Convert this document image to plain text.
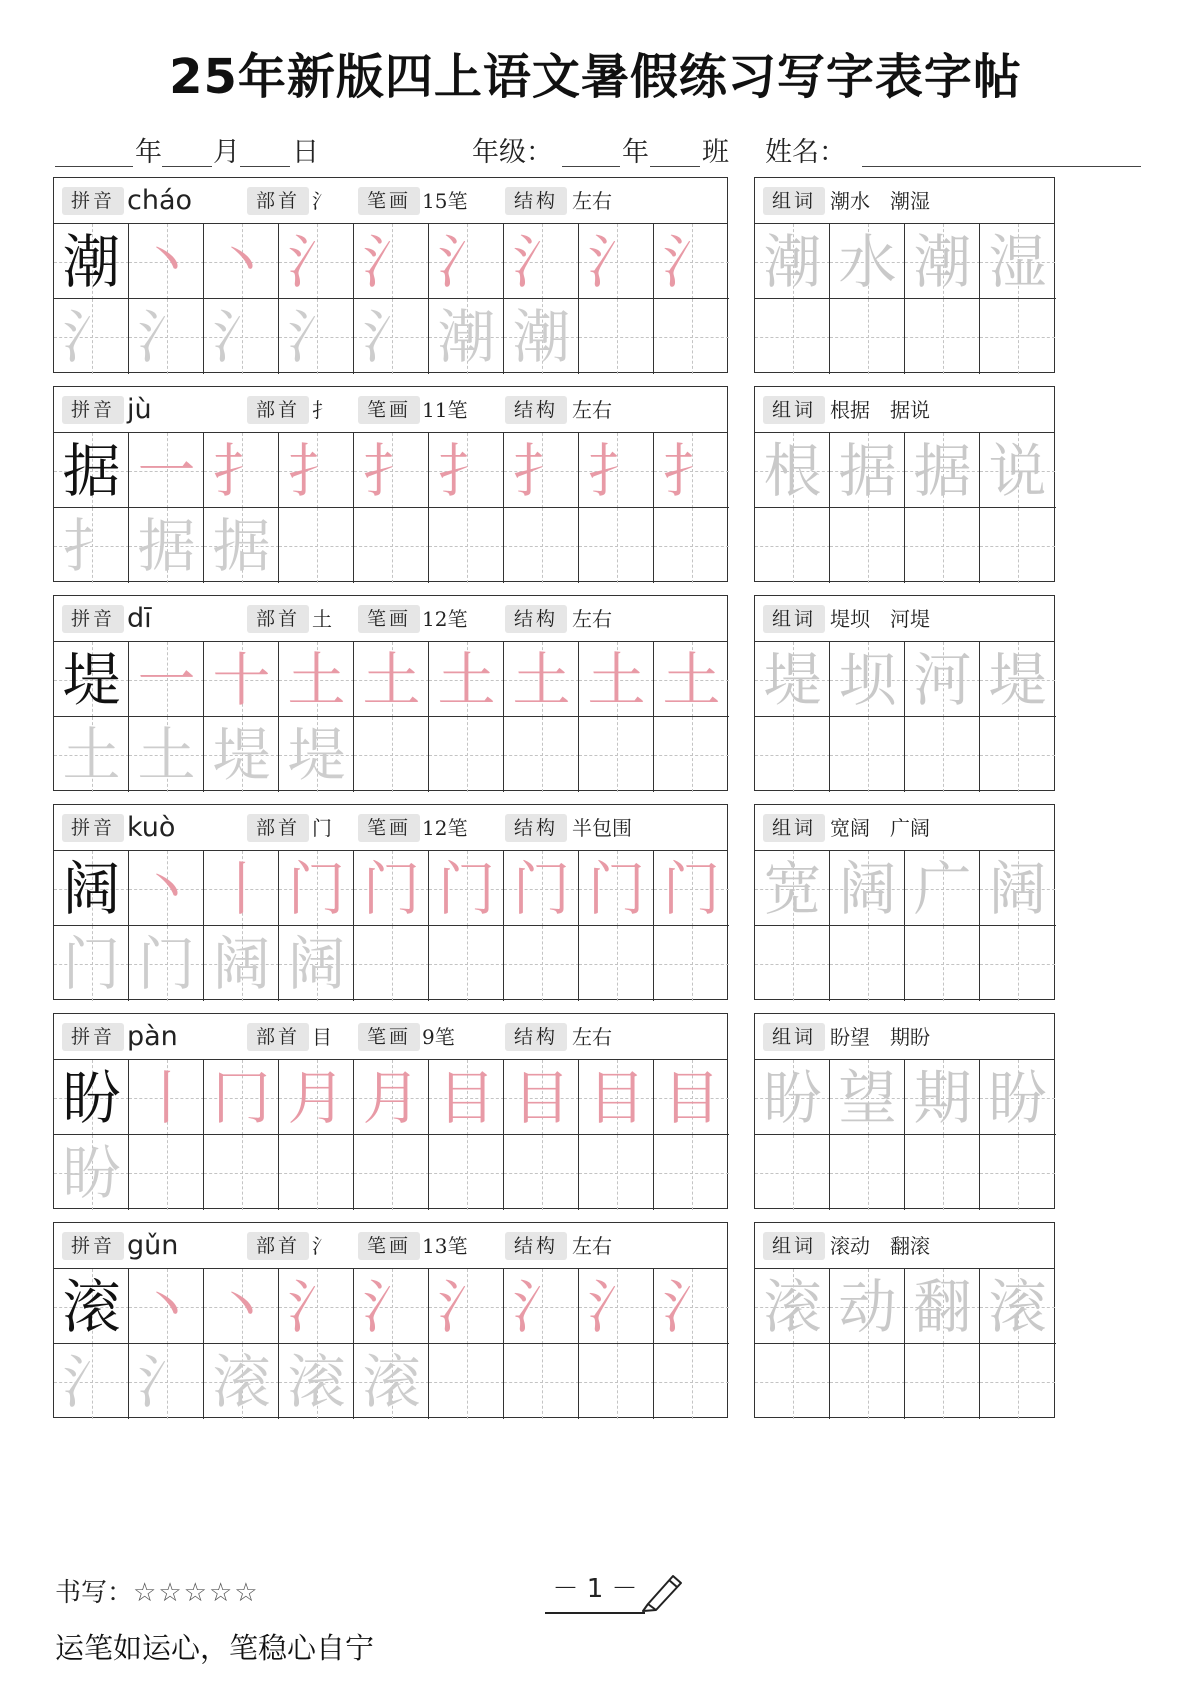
25年新版四上语文暑假练习写字表字帖
年 月 日	年级：	年 班 姓名：
拼音 cháo	部首 氵	笔画 15笔	结构 左右
潮 丶 丶 氵 氵 氵 氵 氵 氵
氵 氵 氵 氵 氵 潮 潮
组词 潮水　潮湿
潮 水 潮 湿
拼音 jù	部首 扌	笔画 11笔	结构 左右
据 一 扌 扌 扌 扌 扌 扌 扌
扌 据 据
组词 根据　据说
根 据 据 说
拼音 dī	部首 土	笔画 12笔	结构 左右
堤 一 十 土 土 土 土 土 土
土 土 堤 堤
组词 堤坝　河堤
堤 坝 河 堤
拼音 kuò	部首 门	笔画 12笔	结构 半包围
阔 丶 丨 门 门 门 门 门 门
门 门 阔 阔
组词 宽阔　广阔
宽 阔 广 阔
拼音 pàn	部首 目	笔画 9笔	结构 左右
盼 丨 冂 月 月 目 目 目 目
盼
组词 盼望　期盼
盼 望 期 盼
拼音 gǔn	部首 氵	笔画 13笔	结构 左右
滚 丶 丶 氵 氵 氵 氵 氵 氵
氵 氵 滚 滚 滚
组词 滚动　翻滚
滚 动 翻 滚
书写：☆☆☆☆☆	－ 1 －
运笔如运心，笔稳心自宁
